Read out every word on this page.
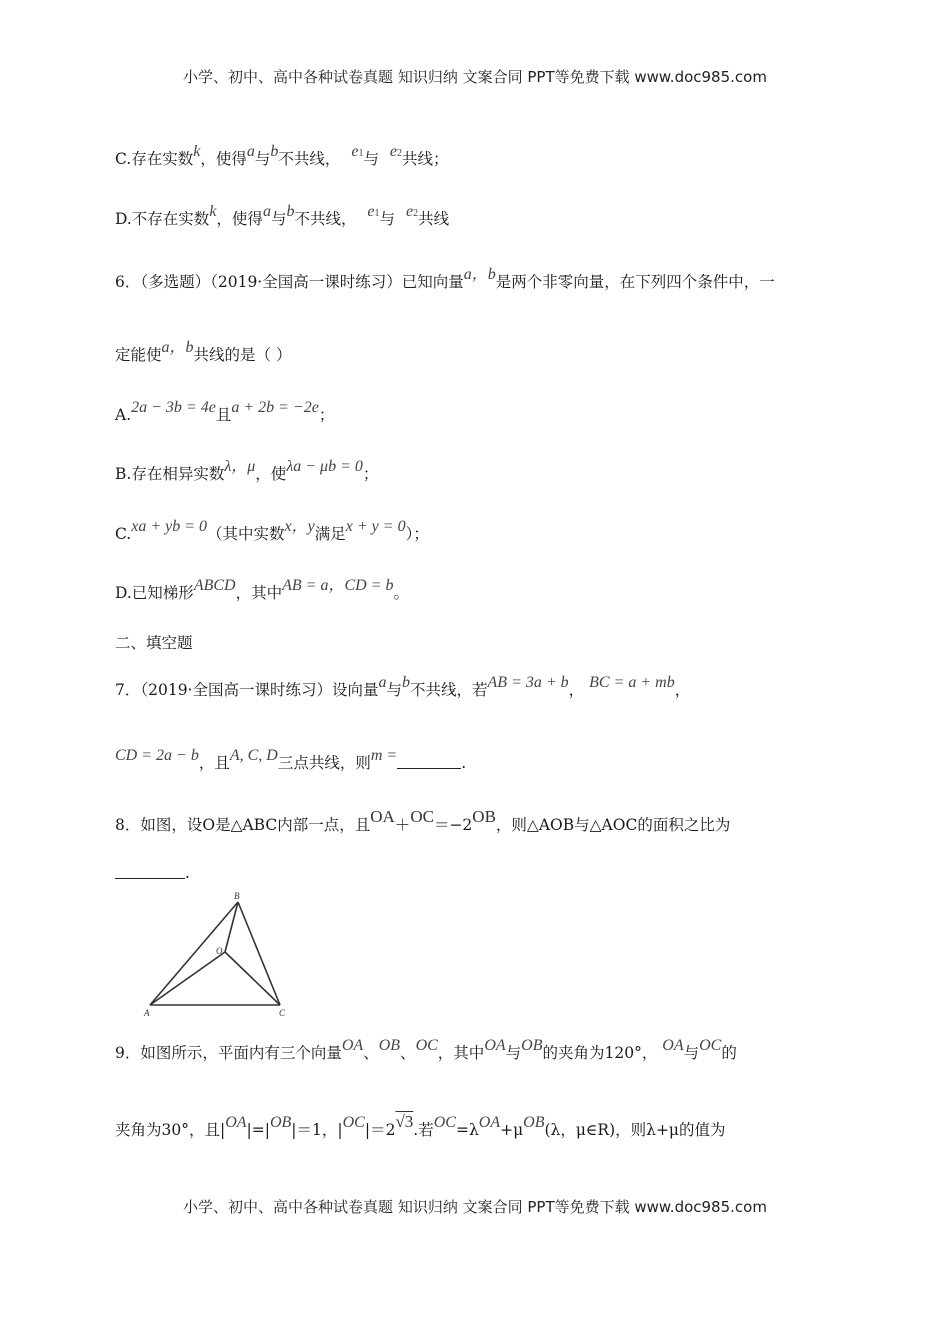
小学、初中、高中各种试卷真题 知识归纳 文案合同 PPT等免费下载 www.doc985.com
C.存在实数k，使得a与b不共线， e1与 e2共线；
D.不存在实数k，使得a与b不共线， e1与 e2共线
6．（多选题）（2019·全国高一课时练习）已知向量a，b是两个非零向量，在下列四个条件中，一
定能使a，b共线的是（ ）
A.2a − 3b = 4e且a + 2b = −2e；
B.存在相异实数λ，μ，使λa − μb = 0；
C.xa + yb = 0（其中实数x，y满足x + y = 0）；
D.已知梯形ABCD，其中AB = a，CD = b。
二、填空题
7．（2019·全国高一课时练习）设向量a与b不共线，若AB = 3a + b， BC = a + mb，
CD = 2a − b，且A, C, D三点共线，则m =	.
8．如图，设O是△ABC内部一点，且OA＋OC＝−2OB，则△AOB与△AOC的面积之比为
.
A
B
C
O
9．如图所示，平面内有三个向量OA、OB、OC，其中OA与OB的夹角为120°， OA与OC的
夹角为30°，且|OA|=|OB|＝1，|OC|＝2√3.若OC=λOA+μOB(λ，μ∈R)，则λ+μ的值为
小学、初中、高中各种试卷真题 知识归纳 文案合同 PPT等免费下载 www.doc985.com
